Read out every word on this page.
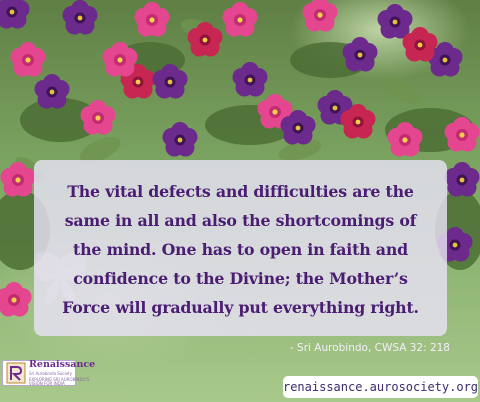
The vital defects and difficulties are the
same in all and also the shortcomings of
the mind. One has to open in faith and
confidence to the Divine; the Mother’s
Force will gradually put everything right.
- Sri Aurobindo, CWSA 32: 218
Renaissance
Sri Aurobindo Society
EXPLORING SRI AUROBINDO'S VISION FOR INDIA	renaissance.aurosociety.org
